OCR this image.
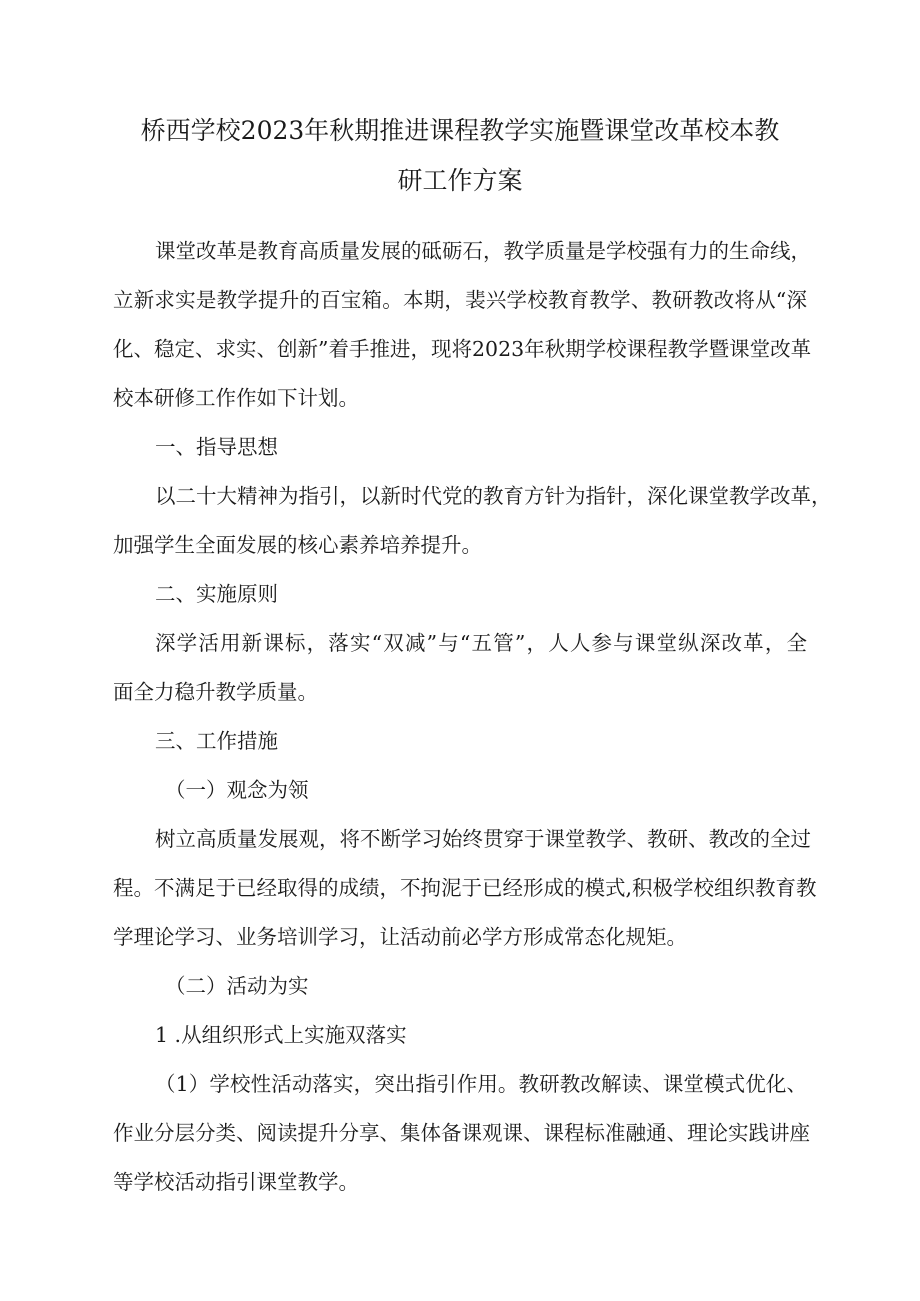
桥西学校2023年秋期推进课程教学实施暨课堂改革校本教
研工作方案
课堂改革是教育高质量发展的砥砺石，教学质量是学校强有力的生命线，
立新求实是教学提升的百宝箱。本期，裴兴学校教育教学、教研教改将从“深
化、稳定、求实、创新”着手推进，现将2023年秋期学校课程教学暨课堂改革
校本研修工作作如下计划。
一、指导思想
以二十大精神为指引，以新时代党的教育方针为指针，深化课堂教学改革，
加强学生全面发展的核心素养培养提升。
二、实施原则
深学活用新课标，落实“双减”与“五管”，人人参与课堂纵深改革，全
面全力稳升教学质量。
三、工作措施
（一）观念为领
树立高质量发展观，将不断学习始终贯穿于课堂教学、教研、教改的全过
程。不满足于已经取得的成绩，不拘泥于已经形成的模式,积极学校组织教育教
学理论学习、业务培训学习，让活动前必学方形成常态化规矩。
（二）活动为实
1 .从组织形式上实施双落实
（1）学校性活动落实，突出指引作用。教研教改解读、课堂模式优化、
作业分层分类、阅读提升分享、集体备课观课、课程标准融通、理论实践讲座
等学校活动指引课堂教学。
